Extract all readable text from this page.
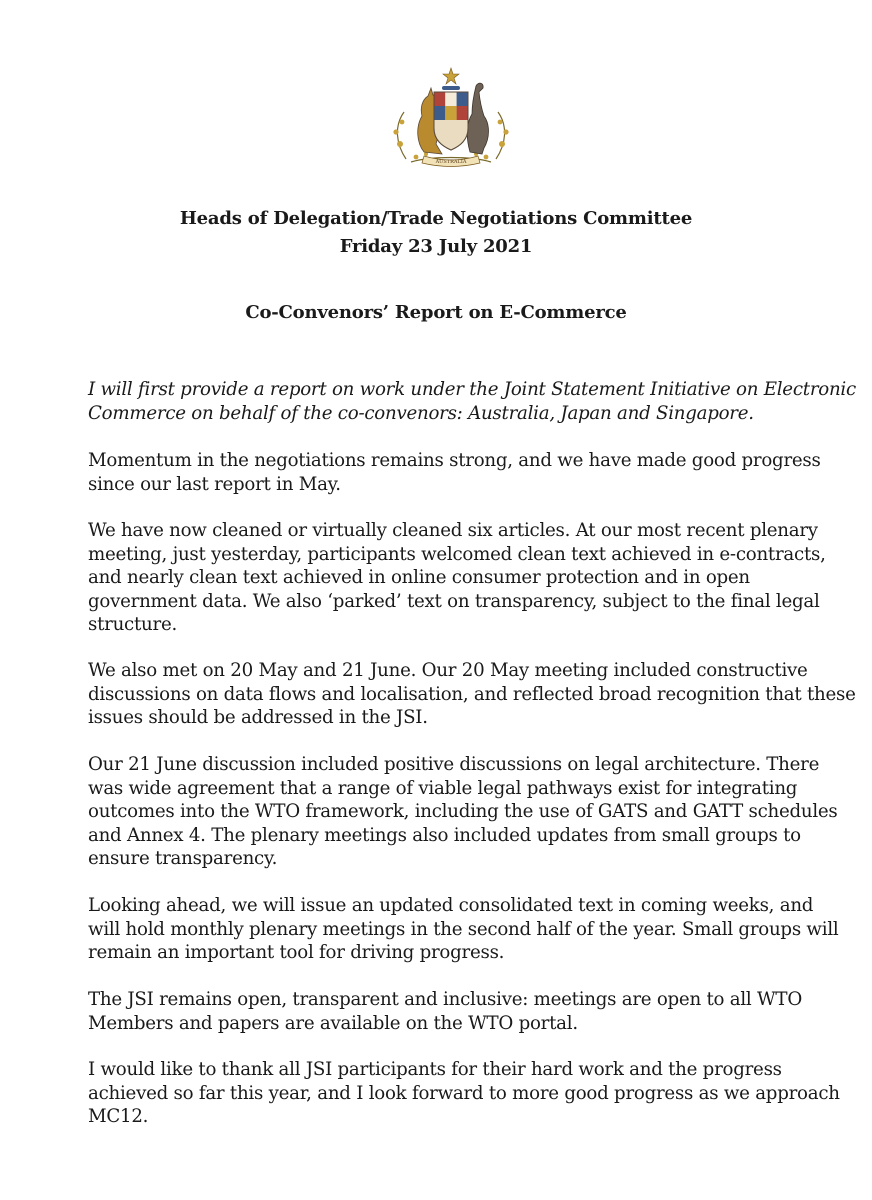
AUSTRALIA
Heads of Delegation/Trade Negotiations Committee
Friday 23 July 2021
Co-Convenors’ Report on E-Commerce
I will first provide a report on work under the Joint Statement Initiative on Electronic
Commerce on behalf of the co-convenors: Australia, Japan and Singapore.
Momentum in the negotiations remains strong, and we have made good progress
since our last report in May.
We have now cleaned or virtually cleaned six articles. At our most recent plenary
meeting, just yesterday, participants welcomed clean text achieved in e-contracts,
and nearly clean text achieved in online consumer protection and in open
government data. We also ‘parked’ text on transparency, subject to the final legal
structure.
We also met on 20 May and 21 June. Our 20 May meeting included constructive
discussions on data flows and localisation, and reflected broad recognition that these
issues should be addressed in the JSI.
Our 21 June discussion included positive discussions on legal architecture. There
was wide agreement that a range of viable legal pathways exist for integrating
outcomes into the WTO framework, including the use of GATS and GATT schedules
and Annex 4. The plenary meetings also included updates from small groups to
ensure transparency.
Looking ahead, we will issue an updated consolidated text in coming weeks, and
will hold monthly plenary meetings in the second half of the year. Small groups will
remain an important tool for driving progress.
The JSI remains open, transparent and inclusive: meetings are open to all WTO
Members and papers are available on the WTO portal.
I would like to thank all JSI participants for their hard work and the progress
achieved so far this year, and I look forward to more good progress as we approach
MC12.
